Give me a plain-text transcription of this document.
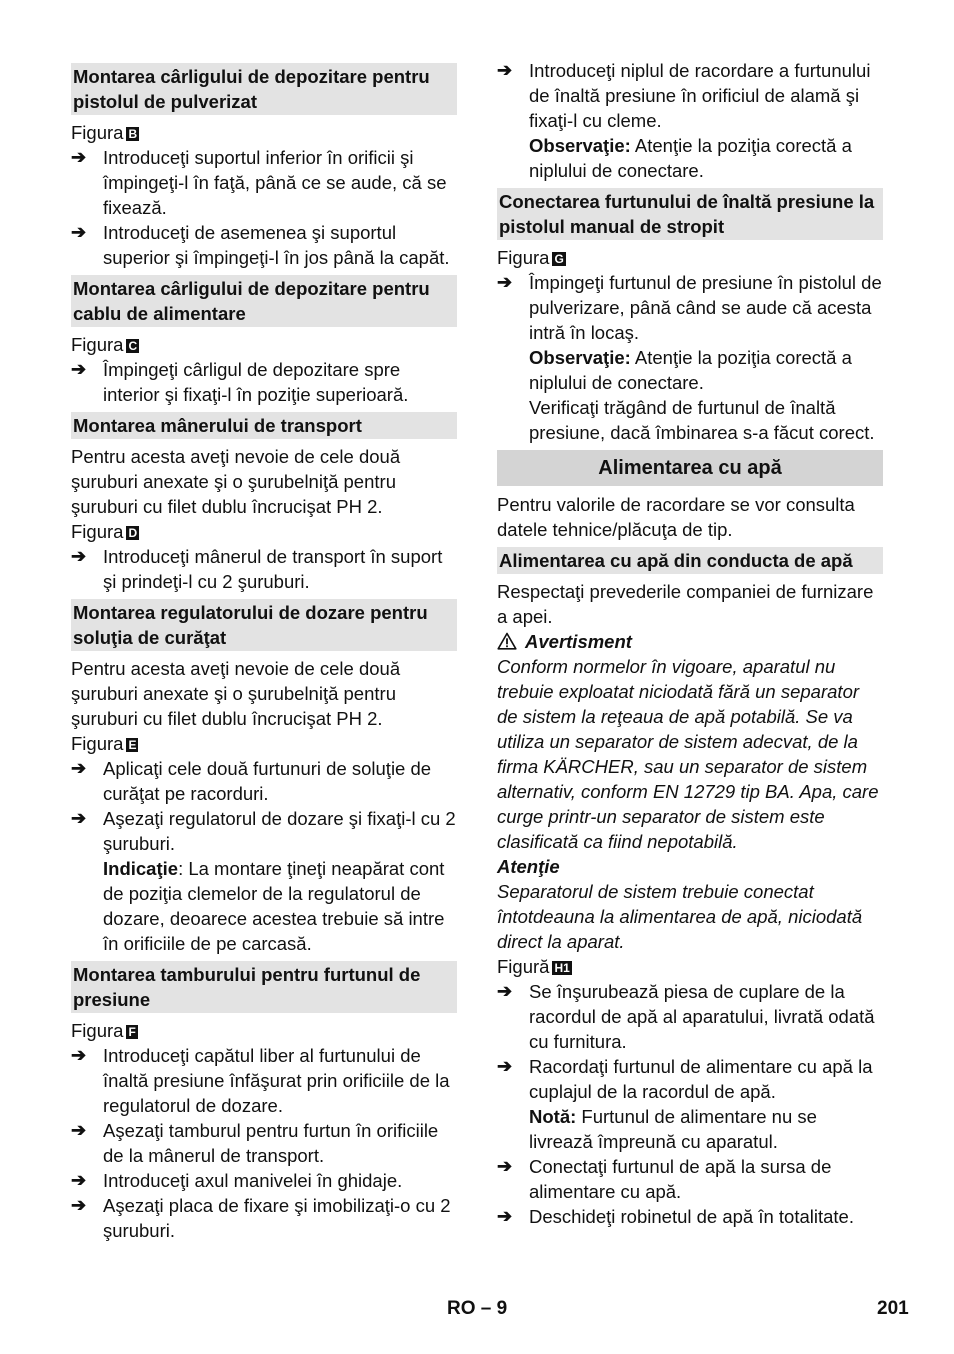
Montarea cârligului de depozitare pentru pistolul de pulverizat

Figura B

➔ Introduceţi suportul inferior în orificii şi împingeţi-l în faţă, până ce se aude, că se fixează.
➔ Introduceţi de asemenea şi suportul superior şi împingeţi-l în jos până la capăt.
Montarea cârligului de depozitare pentru cablu de alimentare

Figura C

➔ Împingeţi cârligul de depozitare spre interior şi fixaţi-l în poziţie superioară.
Montarea mânerului de transport

Pentru acesta aveţi nevoie de cele două şuruburi anexate şi o şurubelniţă pentru şuruburi cu filet dublu încrucişat PH 2.

Figura D

➔ Introduceţi mânerul de transport în suport şi prindeţi-l cu 2 şuruburi.
Montarea regulatorului de dozare pentru soluţia de curăţat

Pentru acesta aveţi nevoie de cele două şuruburi anexate şi o şurubelniţă pentru şuruburi cu filet dublu încrucişat PH 2.

Figura E

➔ Aplicaţi cele două furtunuri de soluţie de curăţat pe racorduri.
➔ Aşezaţi regulatorul de dozare şi fixaţi-l cu 2 şuruburi.
Indicaţie: La montare ţineţi neapărat cont de poziţia clemelor de la regulatorul de dozare, deoarece acestea trebuie să intre în orificiile de pe carcasă.
Montarea tamburului pentru furtunul de presiune

Figura F

➔ Introduceţi capătul liber al furtunului de înaltă presiune înfăşurat prin orificiile de la regulatorul de dozare.
➔ Aşezaţi tamburul pentru furtun în orificiile de la mânerul de transport.
➔ Introduceţi axul manivelei în ghidaje.
➔ Aşezaţi placa de fixare şi imobilizaţi-o cu 2 şuruburi.
➔ Introduceţi niplul de racordare a furtunului de înaltă presiune în orificiul de alamă şi fixaţi-l cu cleme.
Observaţie: Atenţie la poziţia corectă a niplului de conectare.
Conectarea furtunului de înaltă presiune la pistolul manual de stropit

Figura G

➔ Împingeţi furtunul de presiune în pistolul de pulverizare, până când se aude că acesta intră în locaş.
Observaţie: Atenţie la poziţia corectă a niplului de conectare.
Verificaţi trăgând de furtunul de înaltă presiune, dacă îmbinarea s-a făcut corect.
Alimentarea cu apă

Pentru valorile de racordare se vor consulta datele tehnice/plăcuţa de tip.

Alimentarea cu apă din conducta de apă

Respectaţi prevederile companiei de furnizare a apei.

Avertisment

Conform normelor în vigoare, aparatul nu trebuie exploatat niciodată fără un separator de sistem la reţeaua de apă potabilă. Se va utiliza un separator de sistem adecvat, de la firma KÄRCHER, sau un separator de sistem alternativ, conform EN 12729 tip BA. Apa, care curge printr-un separator de sistem este clasificată ca fiind nepotabilă.

Atenţie

Separatorul de sistem trebuie conectat întotdeauna la alimentarea de apă, niciodată direct la aparat.

Figură H1

➔ Se înşurubează piesa de cuplare de la racordul de apă al aparatului, livrată odată cu furnitura.
➔ Racordaţi furtunul de alimentare cu apă la cuplajul de la racordul de apă.
Notă: Furtunul de alimentare nu se livrează împreună cu aparatul.
➔ Conectaţi furtunul de apă la sursa de alimentare cu apă.
➔ Deschideţi robinetul de apă în totalitate.
RO – 9	201
